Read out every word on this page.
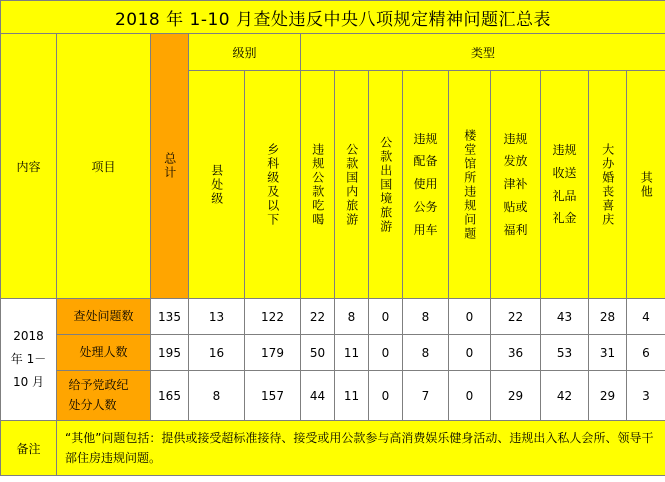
2018 年 1-10 月查处违反中央八项规定精神问题汇总表													
内容	项目	总计	级别		类型								

			县处级	乡科级及以下	违规公款吃喝	公款国内旅游	公款出国境旅游	违规配备使用公务用车	楼堂馆所违规问题	违规发放津补贴或福利	违规收送礼品礼金	大办婚丧喜庆	其他

2018 年 1－10 月	查处问题数	135	13	122	22	8	0	8	0	22	43	28	4
	处理人数	195	16	179	50	11	0	8	0	36	53	31	6

	给予党政纪处分人数	165	8	157	44	11	0	7	0	29	42	29	3
备注	“其他”问题包括：提供或接受超标准接待、接受或用公款参与高消费娱乐健身活动、违规出入私人会所、领导干部住房违规问题。												
